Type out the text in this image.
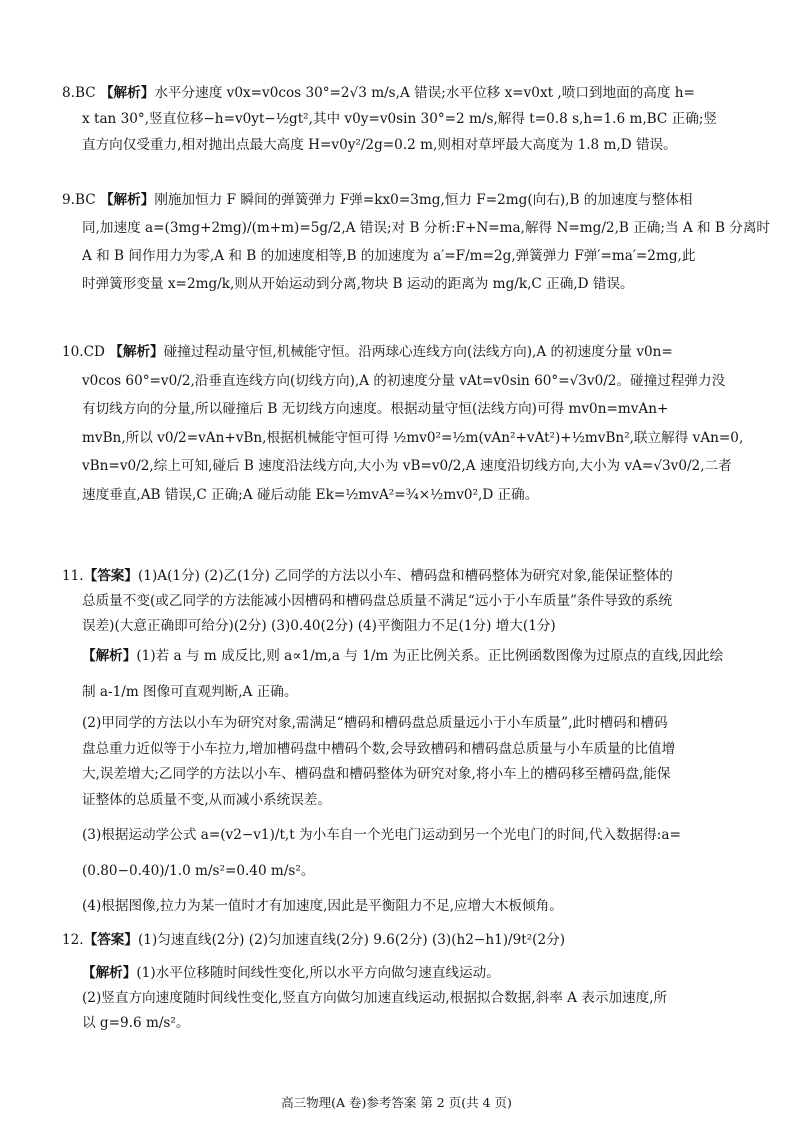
8.BC 【解析】水平分速度 v0x=v0cos 30°=2√3 m/s,A 错误;水平位移 x=v0xt ,喷口到地面的高度 h=
x tan 30°,竖直位移−h=v0yt−½gt²,其中 v0y=v0sin 30°=2 m/s,解得 t=0.8 s,h=1.6 m,BC 正确;竖
直方向仅受重力,相对抛出点最大高度 H=v0y²/2g=0.2 m,则相对草坪最大高度为 1.8 m,D 错误。
9.BC 【解析】刚施加恒力 F 瞬间的弹簧弹力 F弹=kx0=3mg,恒力 F=2mg(向右),B 的加速度与整体相
同,加速度 a=(3mg+2mg)/(m+m)=5g/2,A 错误;对 B 分析:F+N=ma,解得 N=mg/2,B 正确;当 A 和 B 分离时
A 和 B 间作用力为零,A 和 B 的加速度相等,B 的加速度为 a′=F/m=2g,弹簧弹力 F弹′=ma′=2mg,此
时弹簧形变量 x=2mg/k,则从开始运动到分离,物块 B 运动的距离为 mg/k,C 正确,D 错误。
10.CD 【解析】碰撞过程动量守恒,机械能守恒。沿两球心连线方向(法线方向),A 的初速度分量 v0n=
v0cos 60°=v0/2,沿垂直连线方向(切线方向),A 的初速度分量 vAt=v0sin 60°=√3v0/2。碰撞过程弹力没
有切线方向的分量,所以碰撞后 B 无切线方向速度。根据动量守恒(法线方向)可得 mv0n=mvAn+
mvBn,所以 v0/2=vAn+vBn,根据机械能守恒可得 ½mv0²=½m(vAn²+vAt²)+½mvBn²,联立解得 vAn=0,
vBn=v0/2,综上可知,碰后 B 速度沿法线方向,大小为 vB=v0/2,A 速度沿切线方向,大小为 vA=√3v0/2,二者
速度垂直,AB 错误,C 正确;A 碰后动能 Ek=½mvA²=¾×½mv0²,D 正确。
11.【答案】(1)A(1分) (2)乙(1分) 乙同学的方法以小车、槽码盘和槽码整体为研究对象,能保证整体的
总质量不变(或乙同学的方法能减小因槽码和槽码盘总质量不满足“远小于小车质量”条件导致的系统
误差)(大意正确即可给分)(2分) (3)0.40(2分) (4)平衡阻力不足(1分) 增大(1分)
【解析】(1)若 a 与 m 成反比,则 a∝1/m,a 与 1/m 为正比例关系。正比例函数图像为过原点的直线,因此绘
制 a-1/m 图像可直观判断,A 正确。
(2)甲同学的方法以小车为研究对象,需满足“槽码和槽码盘总质量远小于小车质量”,此时槽码和槽码
盘总重力近似等于小车拉力,增加槽码盘中槽码个数,会导致槽码和槽码盘总质量与小车质量的比值增
大,误差增大;乙同学的方法以小车、槽码盘和槽码整体为研究对象,将小车上的槽码移至槽码盘,能保
证整体的总质量不变,从而减小系统误差。
(3)根据运动学公式 a=(v2−v1)/t,t 为小车自一个光电门运动到另一个光电门的时间,代入数据得:a=
(0.80−0.40)/1.0 m/s²=0.40 m/s²。
(4)根据图像,拉力为某一值时才有加速度,因此是平衡阻力不足,应增大木板倾角。
12.【答案】(1)匀速直线(2分) (2)匀加速直线(2分) 9.6(2分) (3)(h2−h1)/9t²(2分)
【解析】(1)水平位移随时间线性变化,所以水平方向做匀速直线运动。
(2)竖直方向速度随时间线性变化,竖直方向做匀加速直线运动,根据拟合数据,斜率 A 表示加速度,所
以 g=9.6 m/s²。
高三物理(A 卷)参考答案 第 2 页(共 4 页)
